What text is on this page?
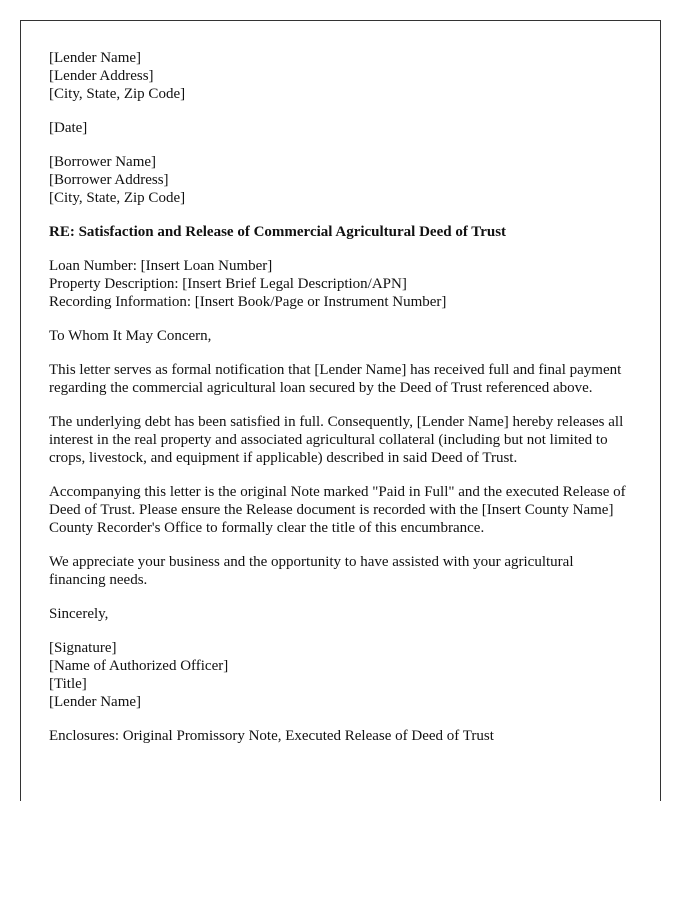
[Lender Name]
[Lender Address]
[City, State, Zip Code]

[Date]

[Borrower Name]
[Borrower Address]
[City, State, Zip Code]

RE: Satisfaction and Release of Commercial Agricultural Deed of Trust

Loan Number: [Insert Loan Number]
Property Description: [Insert Brief Legal Description/APN]
Recording Information: [Insert Book/Page or Instrument Number]

To Whom It May Concern,

This letter serves as formal notification that [Lender Name] has received full and final payment regarding the commercial agricultural loan secured by the Deed of Trust referenced above.

The underlying debt has been satisfied in full. Consequently, [Lender Name] hereby releases all interest in the real property and associated agricultural collateral (including but not limited to crops, livestock, and equipment if applicable) described in said Deed of Trust.

Accompanying this letter is the original Note marked "Paid in Full" and the executed Release of Deed of Trust. Please ensure the Release document is recorded with the [Insert County Name] County Recorder's Office to formally clear the title of this encumbrance.

We appreciate your business and the opportunity to have assisted with your agricultural financing needs.

Sincerely,

[Signature]
[Name of Authorized Officer]
[Title]
[Lender Name]

Enclosures: Original Promissory Note, Executed Release of Deed of Trust
